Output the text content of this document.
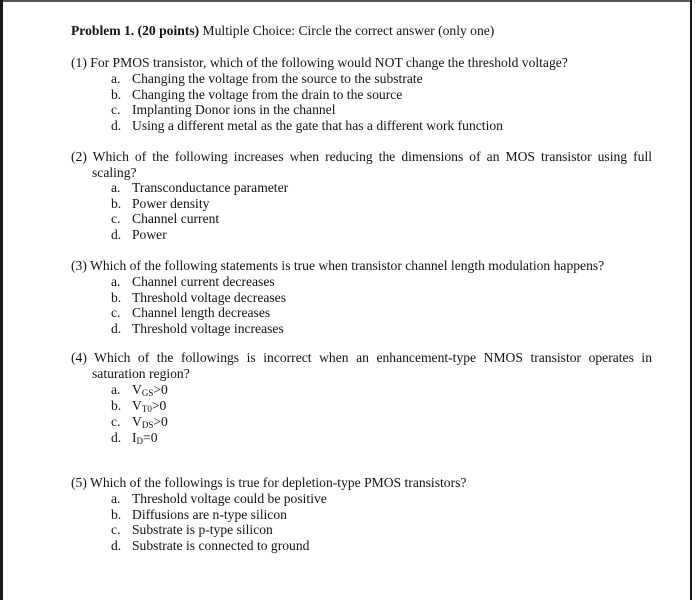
Problem 1. (20 points) Multiple Choice: Circle the correct answer (only one)
(1) For PMOS transistor, which of the following would NOT change the threshold voltage?
a. Changing the voltage from the source to the substrate
b. Changing the voltage from the drain to the source
c. Implanting Donor ions in the channel
d. Using a different metal as the gate that has a different work function
(2) Which of the following increases when reducing the dimensions of an MOS transistor using full scaling?
a. Transconductance parameter
b. Power density
c. Channel current
d. Power
(3) Which of the following statements is true when transistor channel length modulation happens?
a. Channel current decreases
b. Threshold voltage decreases
c. Channel length decreases
d. Threshold voltage increases
(4) Which of the followings is incorrect when an enhancement-type NMOS transistor operates in saturation region?
a. $V_{GS}>0$
b. $V_{T0}>0$
c. $V_{DS}>0$
d. $I_D=0$
(5) Which of the followings is true for depletion-type PMOS transistors?
a. Threshold voltage could be positive
b. Diffusions are n-type silicon
c. Substrate is p-type silicon
d. Substrate is connected to ground
